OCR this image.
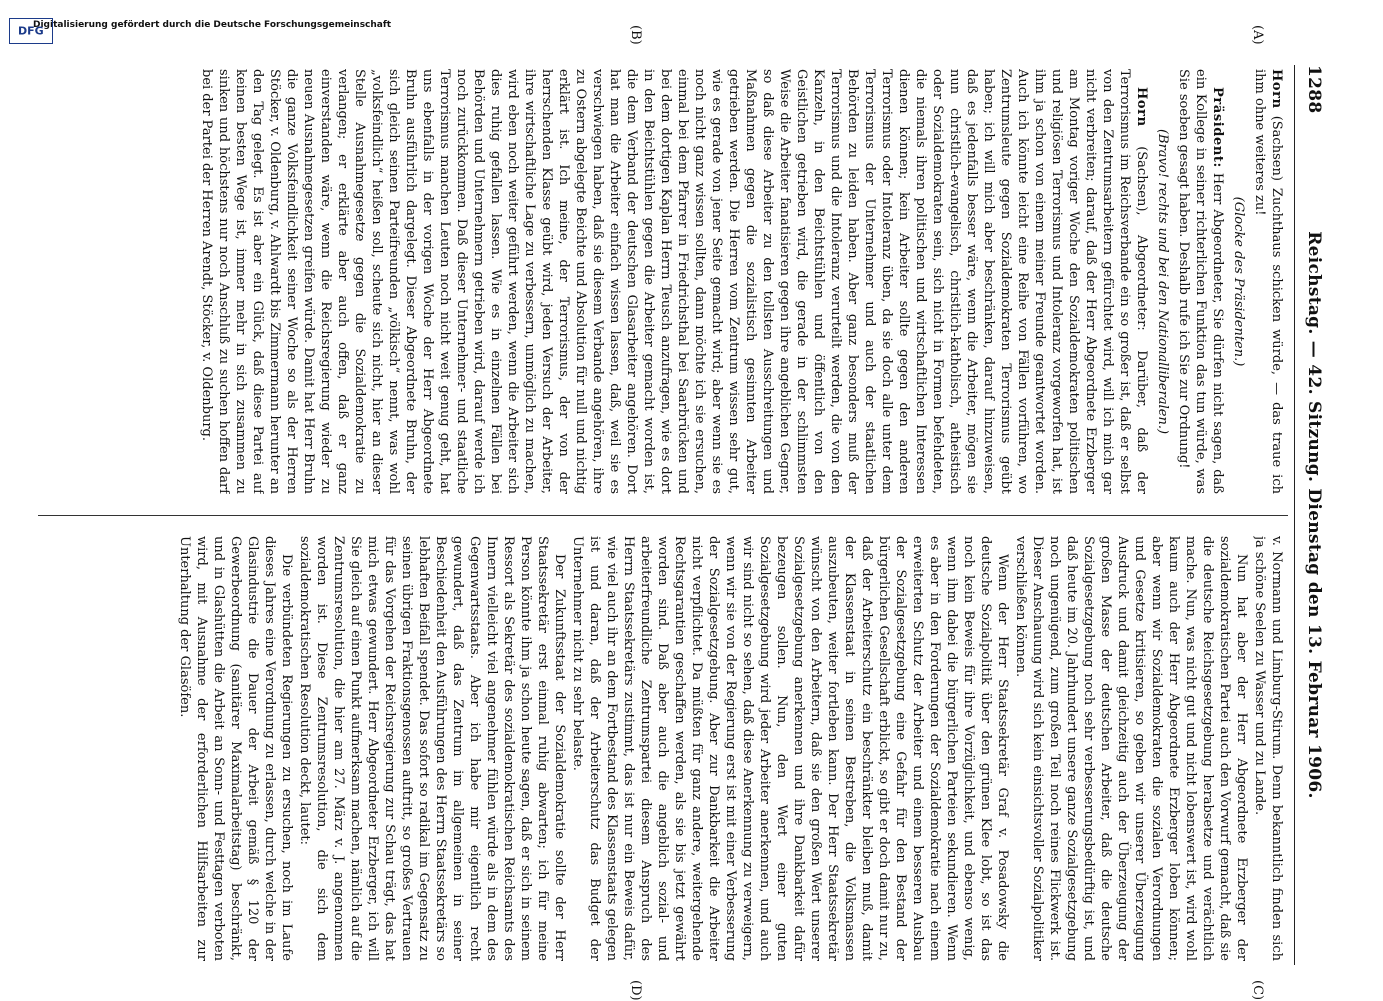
1288
Reichstag. — 42. Sitzung. Dienstag den 13. Februar 1906.
(A)
(B)
(C)
(D)

Horn (Sachsen) Zuchthaus schicken würde, — das traue ich ihm ohne weiteres zu!

(Glocke des Präsidenten.)

Präsident: Herr Abgeordneter, Sie dürfen nicht sagen, daß ein Kollege in seiner richterlichen Funktion das tun würde, was Sie soeben gesagt haben. Deshalb rufe ich Sie zur Ordnung!

(Bravo! rechts und bei den Nationalliberalen.)

Horn (Sachsen), Abgeordneter: Darüber, daß der Terrorismus im Reichsverbande ein so großer ist, daß er selbst von den Zentrumsarbeitern gefürchtet wird, will ich mich gar nicht verbreiten; darauf, daß der Herr Abgeordnete Erzberger am Montag voriger Woche den Sozialdemokraten politischen und religiösen Terrorismus und Intoleranz vorgeworfen hat, ist ihm ja schon von einem meiner Freunde geantwortet worden. Auch ich könnte leicht eine Reihe von Fällen vorführen, wo Zentrumsleute gegen Sozialdemokraten Terrorismus geübt haben; ich will mich aber beschränken, darauf hinzuweisen, daß es jedenfalls besser wäre, wenn die Arbeiter, mögen sie nun christlich-evangelisch, christlich-katholisch, atheistisch oder Sozialdemokraten sein, sich nicht in Formen befehdeten, die niemals ihren politischen und wirtschaftlichen Interessen dienen können; kein Arbeiter sollte gegen den anderen Terrorismus oder Intoleranz üben, da sie doch alle unter dem Terrorismus der Unternehmer und auch der staatlichen Behörden zu leiden haben. Aber ganz besonders muß der Terrorismus und die Intoleranz verurteilt werden, die von den Kanzeln, in den Beichtstühlen und öffentlich von den Geistlichen getrieben wird, die gerade in der schlimmsten Weise die Arbeiter fanatisieren gegen ihre angeblichen Gegner, so daß diese Arbeiter zu den tollsten Ausschreitungen und Maßnahmen gegen die sozialistisch gesinnten Arbeiter getrieben werden. Die Herren vom Zentrum wissen sehr gut, wie es gerade von jener Seite gemacht wird; aber wenn sie es noch nicht ganz wissen sollten, dann möchte ich sie ersuchen, einmal bei dem Pfarrer in Friedrichsthal bei Saarbrücken und bei dem dortigen Kaplan Herrn Teusch anzufragen, wie es dort in den Beichtstühlen gegen die Arbeiter gemacht worden ist, die dem Verband der deutschen Glasarbeiter angehören. Dort hat man die Arbeiter einfach wissen lassen, daß, weil sie es verschwiegen haben, daß sie diesem Verbande angehören, ihre zu Ostern abgelegte Beichte und Absolution für null und nichtig erklärt ist. Ich meine, der Terrorismus, der von der herrschenden Klasse geübt wird, jeden Versuch der Arbeiter, ihre wirtschaftliche Lage zu verbessern, unmöglich zu machen, wird eben noch weiter geführt werden, wenn die Arbeiter sich dies ruhig gefallen lassen. Wie es in einzelnen Fällen bei Behörden und Unternehmern getrieben wird, darauf werde ich noch zurückkommen. Daß dieser Unternehmer- und staatliche Terrorismus manchen Leuten noch nicht weit genug geht, hat uns ebenfalls in der vorigen Woche der Herr Abgeordnete Bruhn ausführlich dargelegt. Dieser Abgeordnete Bruhn, der sich gleich seinen Parteifreunden „völkisch“ nennt, was wohl „volksfeindlich“ heißen soll, scheute sich nicht, hier an dieser Stelle Ausnahmegesetze gegen die Sozialdemokratie zu verlangen; er erklärte aber auch offen, daß er ganz einverstanden wäre, wenn die Reichsregierung wieder zu neuen Ausnahmegesetzen greifen würde. Damit hat Herr Bruhn die ganze Volksfeindlichkeit seiner Woche so als der Herren Stöcker, v. Oldenburg, v. Ahlwardt bis Zimmermann herunter an den Tag gelegt. Es ist aber ein Glück, daß diese Partei auf keinen besten Wege ist, immer mehr in sich zusammen zu sinken und höchstens nur noch Anschluß zu suchen hoffen darf bei der Partei der Herren Arendt, Stöcker, v. Oldenburg.

v. Normann und Limburg-Stirum. Denn bekanntlich finden sich ja schöne Seelen zu Wasser und zu Lande.

Nun hat aber der Herr Abgeordnete Erzberger der sozialdemokratischen Partei auch den Vorwurf gemacht, daß sie die deutsche Reichsgesetzgebung herabsetze und verächtlich mache. Nun, was nicht gut und nicht lobenswert ist, wird wohl kaum auch der Herr Abgeordnete Erzberger loben können; aber wenn wir Sozialdemokraten die sozialen Verordnungen und Gesetze kritisieren, so geben wir unserer Überzeugung Ausdruck und damit gleichzeitig auch der Überzeugung der großen Masse der deutschen Arbeiter, daß die deutsche Sozialgesetzgebung noch sehr verbesserungsbedürftig ist, und daß heute im 20. Jahrhundert unsere ganze Sozialgesetzgebung noch ungenügend, zum großen Teil noch reines Flickwerk ist. Dieser Anschauung wird sich kein einsichtsvoller Sozialpolitiker verschließen können.

Wenn der Herr Staatssekretär Graf v. Posadowsky die deutsche Sozialpolitik über den grünen Klee lobt, so ist das noch kein Beweis für ihre Vorzüglichkeit, und ebenso wenig, wenn ihm dabei die bürgerlichen Parteien sekundieren. Wenn es aber in den Forderungen der Sozialdemokratie nach einem erweiterten Schutz der Arbeiter und einem besseren Ausbau der Sozialgesetzgebung eine Gefahr für den Bestand der bürgerlichen Gesellschaft erblickt, so gibt er doch damit nur zu, daß der Arbeiterschutz ein beschränkter bleiben muß, damit der Klassenstaat in seinen Bestreben, die Volksmassen auszubeuten, weiter fortleben kann. Der Herr Staatssekretär wünscht von den Arbeitern, daß sie den großen Wert unserer Sozialgesetzgebung anerkennen und ihre Dankbarkeit dafür bezeugen sollen. Nun, den Wert einer guten Sozialgesetzgebung wird jeder Arbeiter anerkennen, und auch wir sind nicht so sehen, daß diese Anerkennung zu verweigern, wenn wir sie von der Regierung erst ist mit einer Verbesserung der Sozialgesetzgebung. Aber zur Dankbarkeit die Arbeiter nicht verpflichtet. Da müßten für ganz andere, weitergehende Rechtsgarantien geschaffen werden, als sie bis jetzt gewährt worden sind. Daß aber auch die angeblich sozial- und arbeiterfreundliche Zentrumspartei diesem Anspruch des Herrn Staatssekretärs zustimmt, das ist nur ein Beweis dafür, wie viel auch ihr an dem Fortbestand des Klassenstaats gelegen ist und daran, daß der Arbeiterschutz das Budget der Unternehmer nicht zu sehr belaste.

Der Zukunftsstaat der Sozialdemokratie sollte der Herr Staatssekretär erst einmal ruhig abwarten; ich für meine Person könnte ihm ja schon heute sagen, daß er sich in seinem Ressort als Sekretär des sozialdemokratischen Reichsamts des Innern vielleicht viel angenehmer fühlen würde als in dem des Gegenwartsstaats. Aber ich habe mir eigentlich recht gewundert, daß das Zentrum im allgemeinen in seiner Beschiedenheit den Ausführungen des Herrn Staatssekretärs so lebhaften Beifall spendet. Das sofort so radikal im Gegensatz zu seinen übrigen Fraktionsgenossen auftritt, so großes Vertrauen für das Vorgehen der Reichsregierung zur Schau trägt, das hat mich etwas gewundert. Herr Abgeordneter Erzberger, ich will Sie gleich auf einen Punkt aufmerksam machen, nämlich auf die Zentrumsresolution, die hier am 27. März v. J. angenommen worden ist. Diese Zentrumsresolution, die sich dem sozialdemokratischen Resolution deckt, lautet:

Die verbündeten Regierungen zu ersuchen, noch im Laufe dieses Jahres eine Verordnung zu erlassen, durch welche in der Glasindustrie die Dauer der Arbeit gemäß § 120 der Gewerbeordnung (sanitärer Maximalarbeitstag) beschränkt, und in Glashütten die Arbeit an Sonn- und Festtagen verboten wird, mit Ausnahme der erforderlichen Hilfsarbeiten zur Unterhaltung der Glasöfen.

Digitalisierung gefördert durch die Deutsche Forschungsgemeinschaft
DFG
